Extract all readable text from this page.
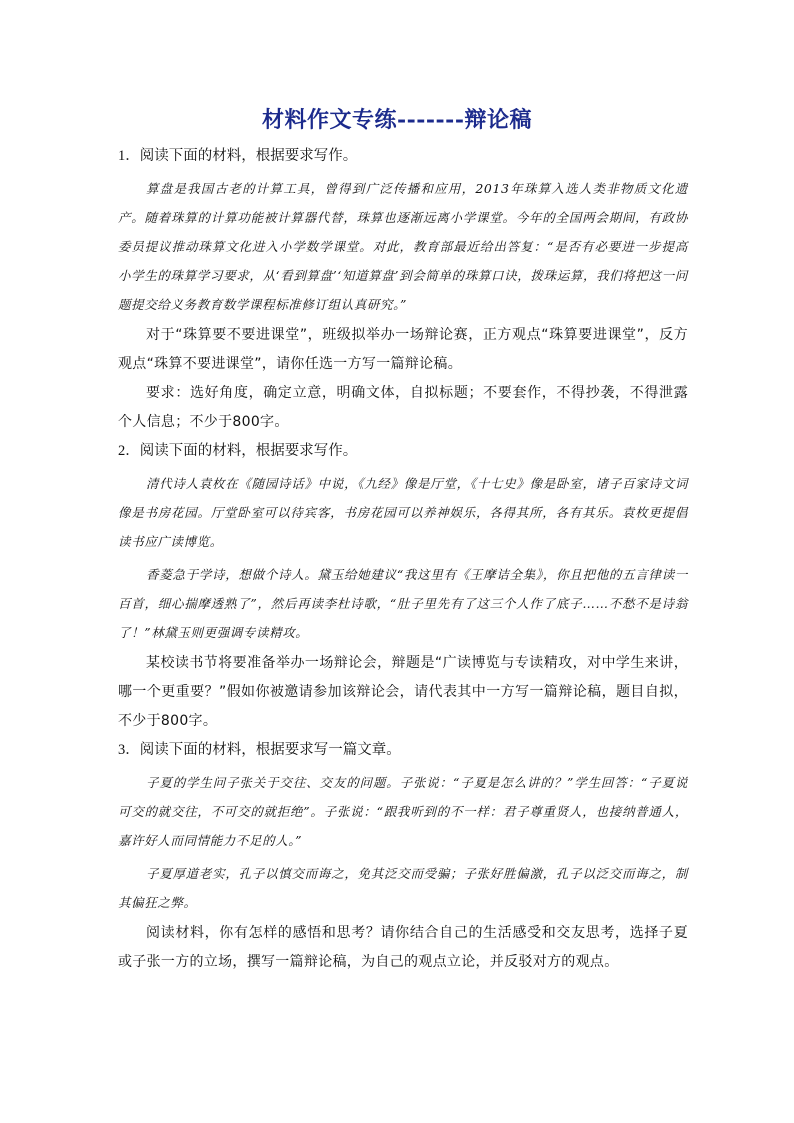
材料作文专练-------辩论稿

1．阅读下面的材料，根据要求写作。

算盘是我国古老的计算工具，曾得到广泛传播和应用，2013年珠算入选人类非物质文化遗产。随着珠算的计算功能被计算器代替，珠算也逐渐远离小学课堂。今年的全国两会期间，有政协委员提议推动珠算文化进入小学数学课堂。对此，教育部最近给出答复：“是否有必要进一步提高小学生的珠算学习要求，从‘看到算盘’‘知道算盘’到会简单的珠算口诀，拨珠运算，我们将把这一问题提交给义务教育数学课程标准修订组认真研究。”

对于“珠算要不要进课堂”，班级拟举办一场辩论赛，正方观点“珠算要进课堂”，反方观点“珠算不要进课堂”，请你任选一方写一篇辩论稿。

要求：选好角度，确定立意，明确文体，自拟标题；不要套作，不得抄袭，不得泄露个人信息；不少于800字。

2．阅读下面的材料，根据要求写作。

清代诗人袁枚在《随园诗话》中说，《九经》像是厅堂，《十七史》像是卧室，诸子百家诗文词像是书房花园。厅堂卧室可以待宾客，书房花园可以养神娱乐，各得其所，各有其乐。袁枚更提倡读书应广读博览。

香菱急于学诗，想做个诗人。黛玉给她建议“我这里有《王摩诘全集》，你且把他的五言律读一百首，细心揣摩透熟了”，然后再读李杜诗歌，“肚子里先有了这三个人作了底子……不愁不是诗翁了！”林黛玉则更强调专读精攻。

某校读书节将要准备举办一场辩论会，辩题是“广读博览与专读精攻，对中学生来讲，哪一个更重要？”假如你被邀请参加该辩论会，请代表其中一方写一篇辩论稿，题目自拟，不少于800字。

3．阅读下面的材料，根据要求写一篇文章。

子夏的学生问子张关于交往、交友的问题。子张说：“子夏是怎么讲的？”学生回答：“子夏说可交的就交往，不可交的就拒绝”。子张说：“跟我听到的不一样：君子尊重贤人，也接纳普通人，嘉许好人而同情能力不足的人。”

子夏厚道老实，孔子以慎交而诲之，免其泛交而受骗；子张好胜偏激，孔子以泛交而诲之，制其偏狂之弊。

阅读材料，你有怎样的感悟和思考？请你结合自己的生活感受和交友思考，选择子夏或子张一方的立场，撰写一篇辩论稿，为自己的观点立论，并反驳对方的观点。
